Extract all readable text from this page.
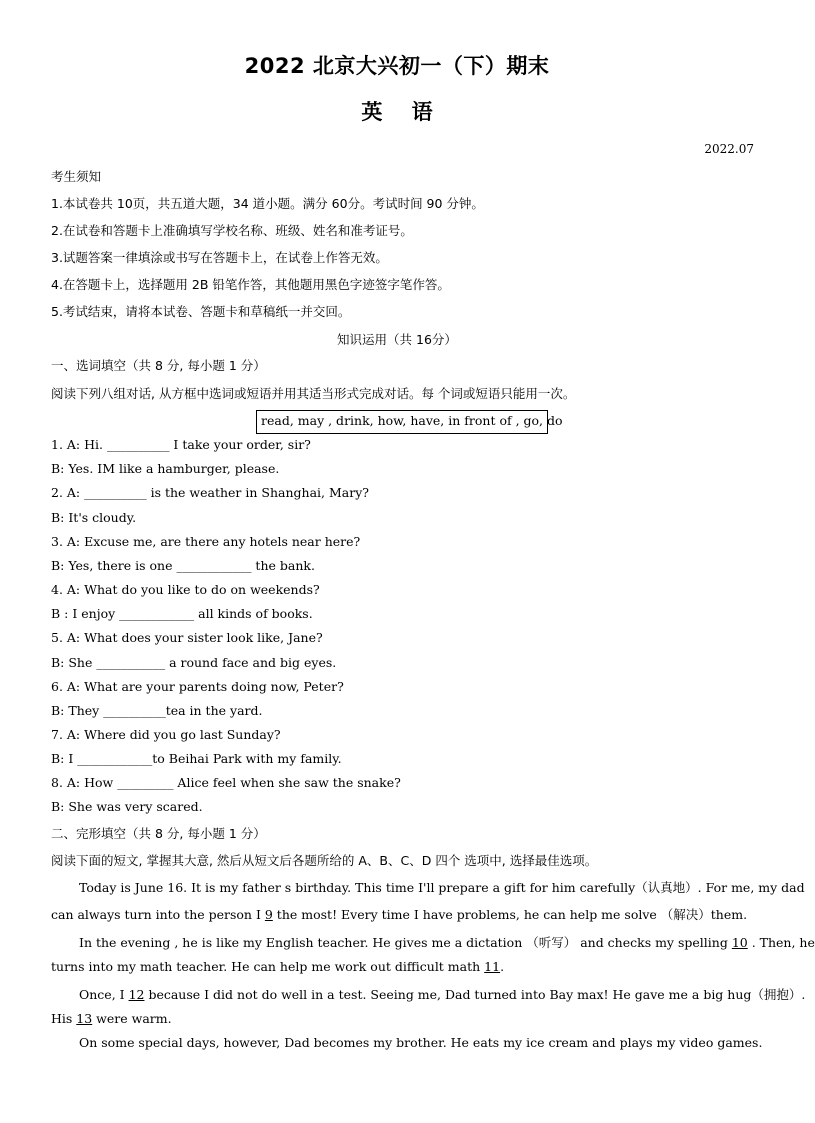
2022 北京大兴初一（下）期末
英    语
2022.07
考生须知
1.本试卷共 10页，共五道大题，34 道小题。满分 60分。考试时间 90 分钟。
2.在试卷和答题卡上准确填写学校名称、班级、姓名和准考证号。
3.试题答案一律填涂或书写在答题卡上，在试卷上作答无效。
4.在答题卡上，选择题用 2B 铅笔作答，其他题用黑色字迹签字笔作答。
5.考试结束，请将本试卷、答题卡和草稿纸一并交回。
知识运用（共 16分）
一、选词填空（共 8 分, 每小题 1 分）
阅读下列八组对话, 从方框中选词或短语并用其适当形式完成对话。每 个词或短语只能用一次。
read, may , drink, how, have, in front of , go, do
1. A: Hi. __________ I take your order, sir?
B: Yes. IM like a hamburger, please.
2. A: __________ is the weather in Shanghai, Mary?
B: It's cloudy.
3. A: Excuse me, are there any hotels near here?
B: Yes, there is one ____________ the bank.
4. A: What do you like to do on weekends?
B : I enjoy ____________ all kinds of books.
5. A: What does your sister look like, Jane?
B: She ___________ a round face and big eyes.
6. A: What are your parents doing now, Peter?
B: They __________tea in the yard.
7. A: Where did you go last Sunday?
B: I ____________to Beihai Park with my family.
8. A: How _________ Alice feel when she saw the snake?
B: She was very scared.
二、完形填空（共 8 分, 每小题 1 分）
阅读下面的短文, 掌握其大意, 然后从短文后各题所给的 A、B、C、D 四个 选项中, 选择最佳选项。
Today is June 16. It is my father s birthday. This time I'll prepare a gift for him carefully（认真地）. For me, my dad
can always turn into the person I 9 the most! Every time I have problems, he can help me solve （解决）them.
In the evening , he is like my English teacher. He gives me a dictation （听写） and checks my spelling 10 . Then, he
turns into my math teacher. He can help me work out difficult math 11.
Once, I 12 because I did not do well in a test. Seeing me, Dad turned into Bay max! He gave me a big hug（拥抱）.
His 13 were warm.
On some special days, however, Dad becomes my brother. He eats my ice cream and plays my video games.
